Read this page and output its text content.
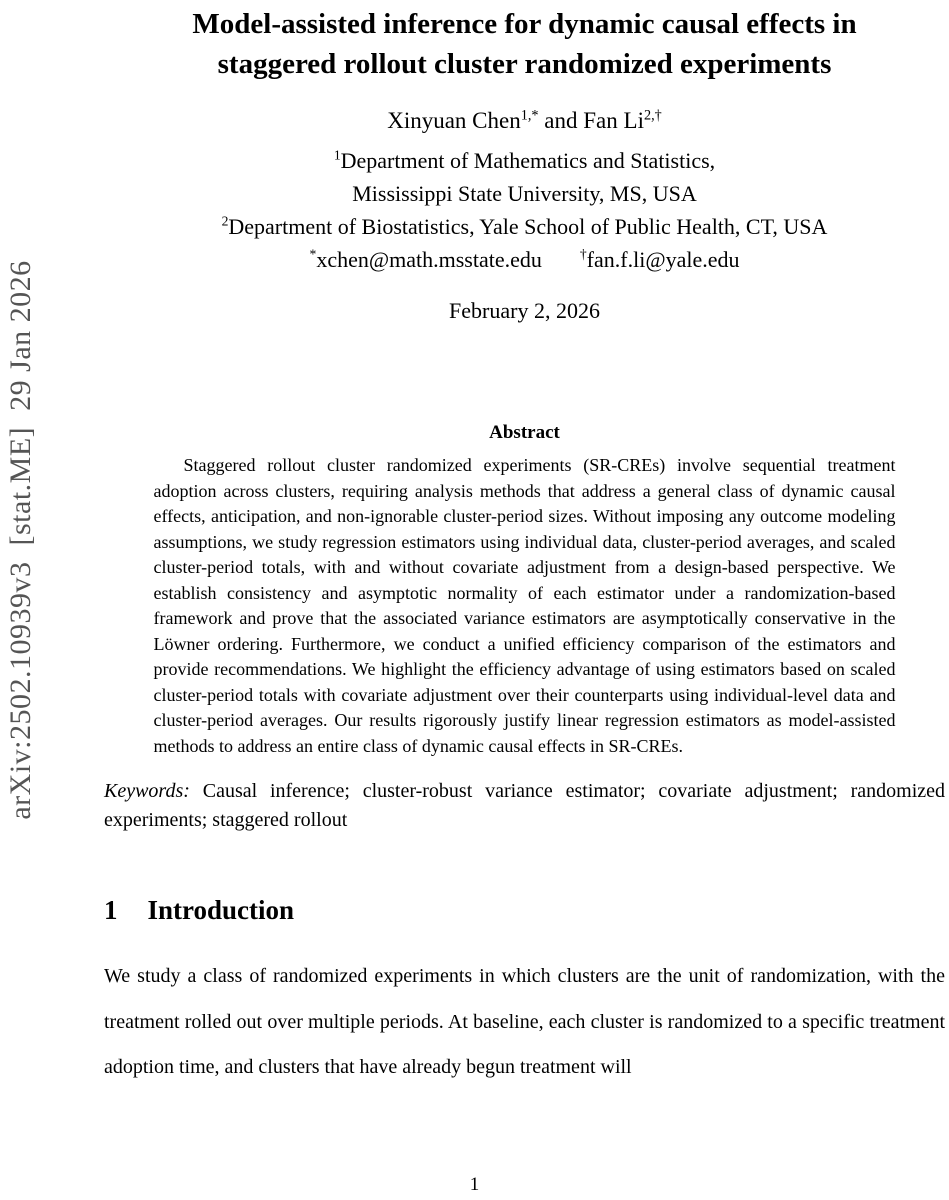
arXiv:2502.10939v3  [stat.ME]  29 Jan 2026
Model-assisted inference for dynamic causal effects in
staggered rollout cluster randomized experiments
Xinyuan Chen$^{1,*}$ and Fan $Li^{2,\dagger}$
$^1$Department of Mathematics and Statistics,
Mississippi State University, MS, USA
$^2$Department of Biostatistics, Yale School of Public Health, CT, USA
*xchen@math.msstate.edu	†fan.f.li@yale.edu
February 2, 2026
Abstract

Staggered rollout cluster randomized experiments (SR-CREs) involve sequential treatment adoption across clusters, requiring analysis methods that address a general class of dynamic causal effects, anticipation, and non-ignorable cluster-period sizes. Without imposing any outcome modeling assumptions, we study regression estimators using individual data, cluster-period averages, and scaled cluster-period totals, with and without covariate adjustment from a design-based perspective. We establish consistency and asymptotic normality of each estimator under a randomization-based framework and prove that the associated variance estimators are asymptotically conservative in the Löwner ordering. Furthermore, we conduct a unified efficiency comparison of the estimators and provide recommendations. We highlight the efficiency advantage of using estimators based on scaled cluster-period totals with covariate adjustment over their counterparts using individual-level data and cluster-period averages. Our results rigorously justify linear regression estimators as model-assisted methods to address an entire class of dynamic causal effects in SR-CREs.

Keywords: Causal inference; cluster-robust variance estimator; covariate adjustment; randomized experiments; staggered rollout

1 Introduction

We study a class of randomized experiments in which clusters are the unit of randomization, with the treatment rolled out over multiple periods. At baseline, each cluster is randomized to a specific treatment adoption time, and clusters that have already begun treatment will

1
